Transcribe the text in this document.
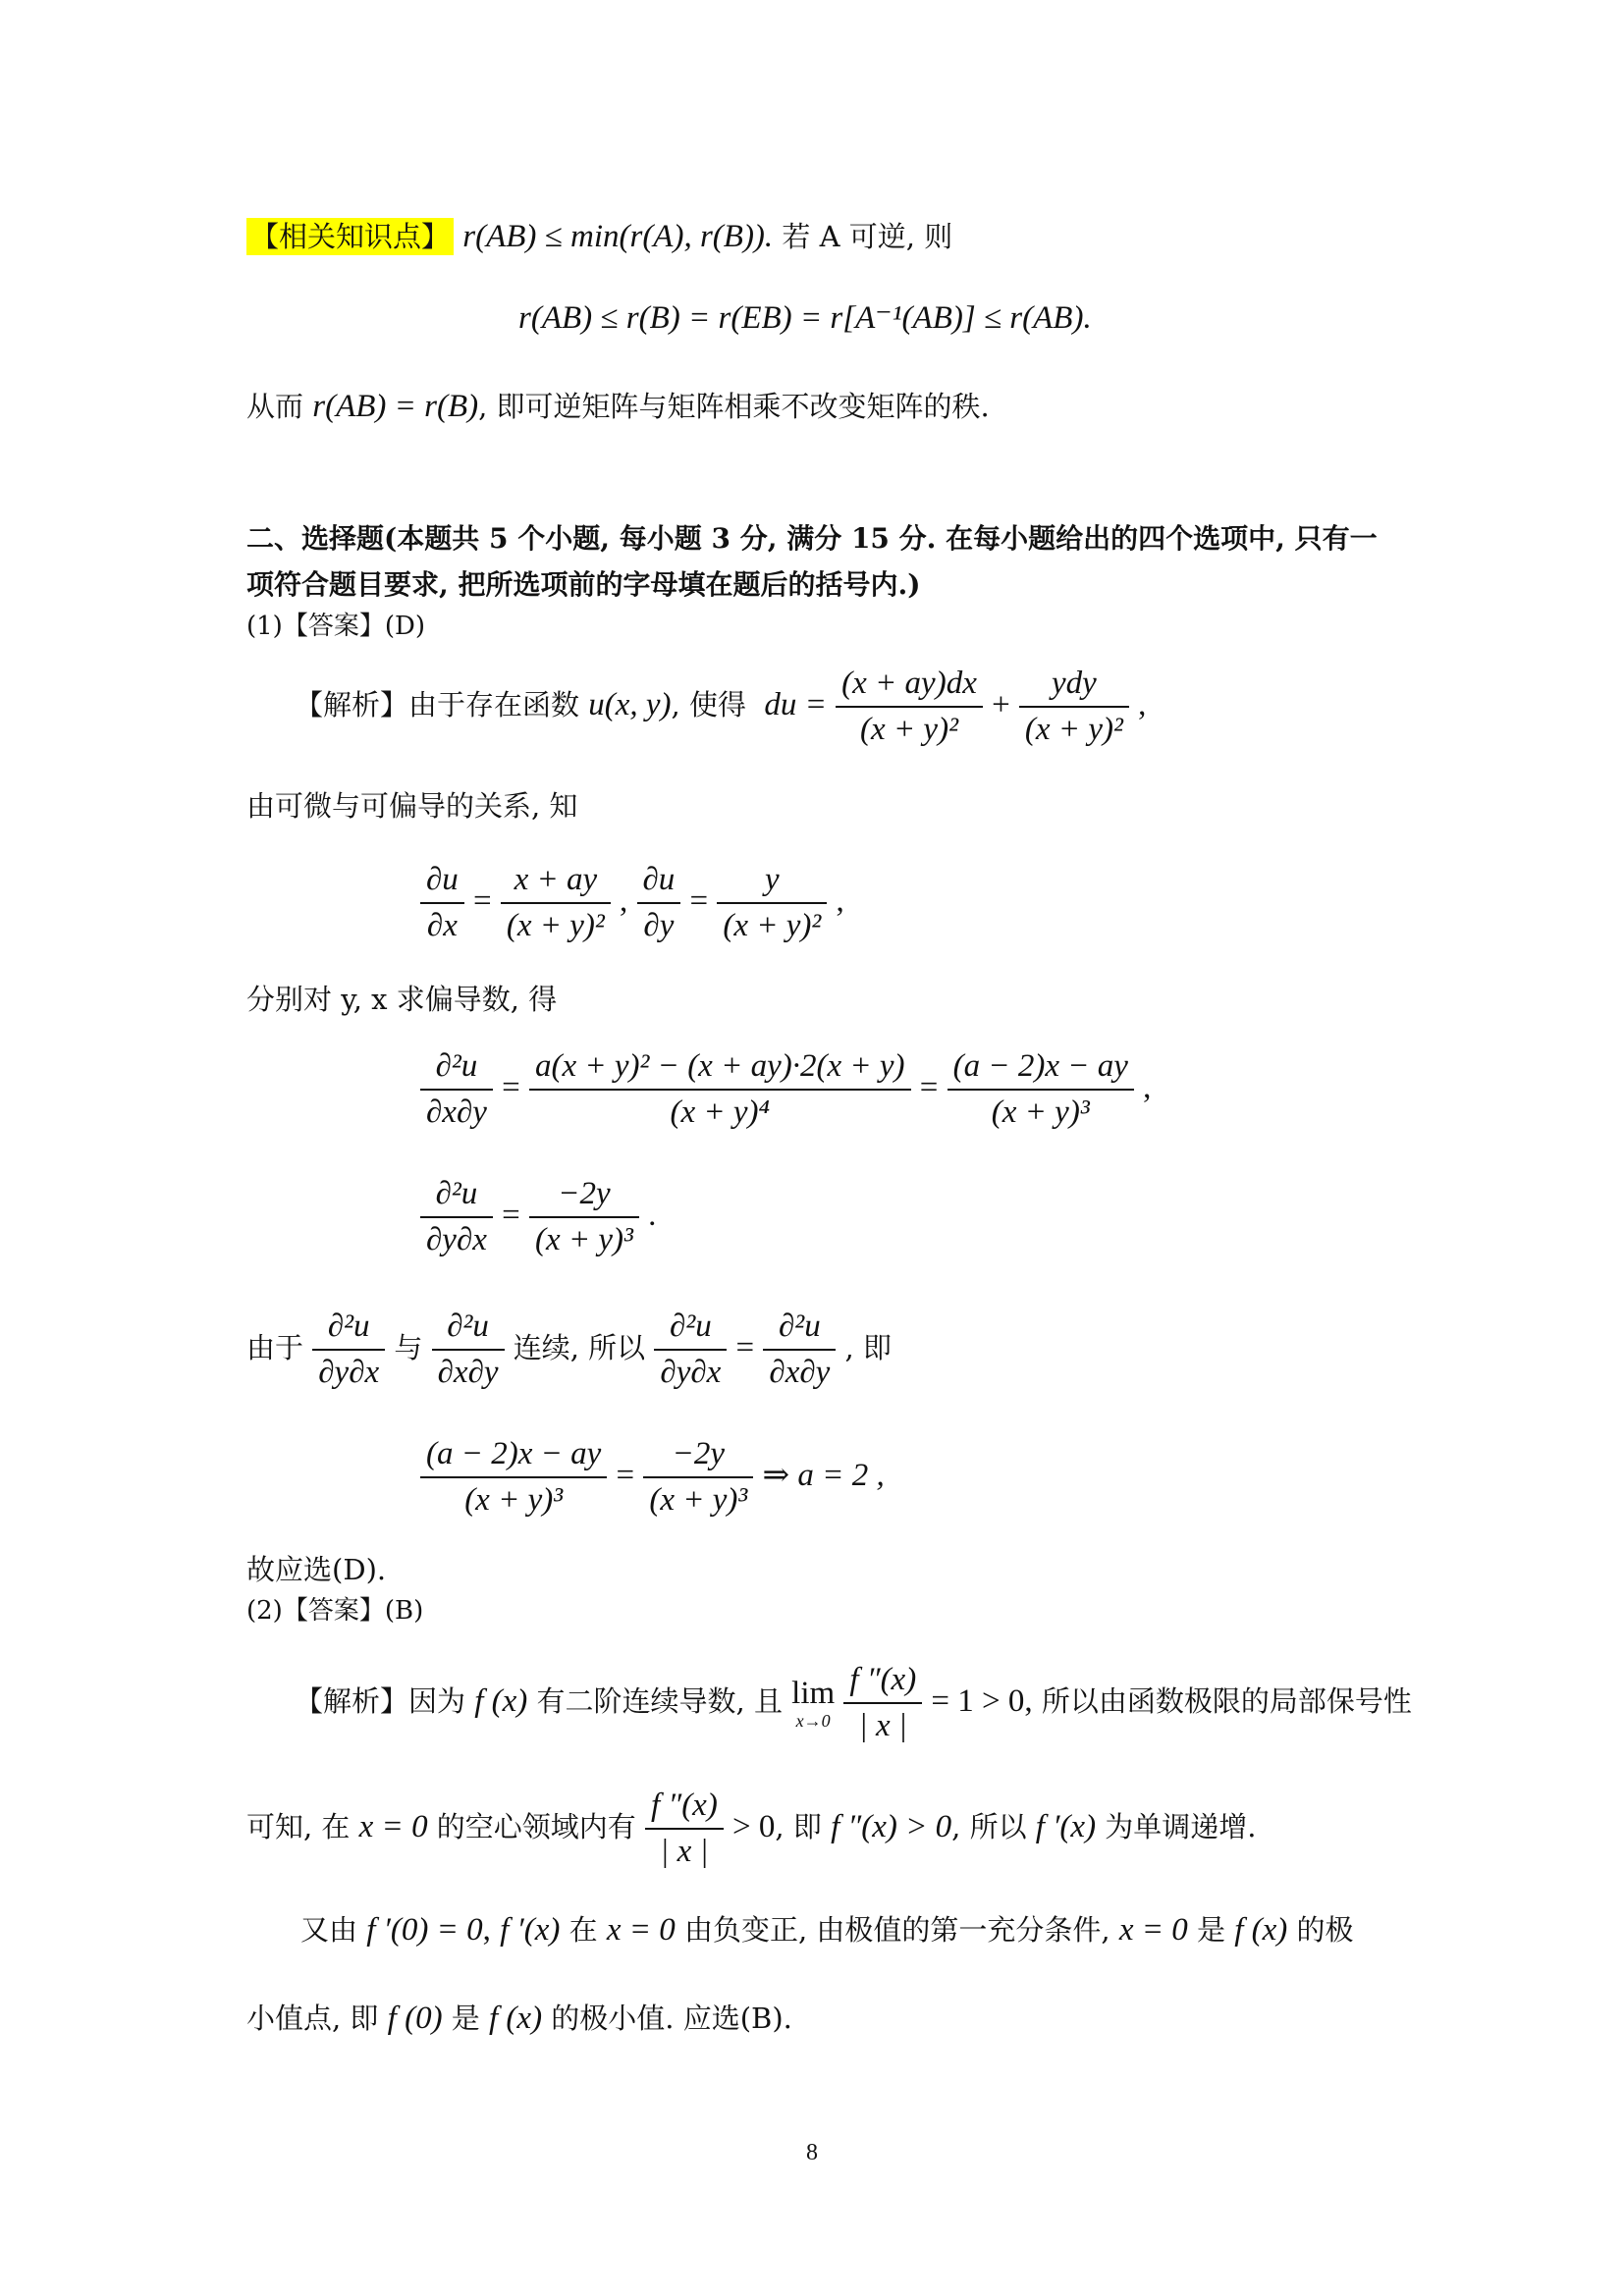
【相关知识点】 r(AB) ≤ min(r(A), r(B)). 若 A 可逆, 则
r(AB) ≤ r(B) = r(EB) = r[A⁻¹(AB)] ≤ r(AB).
从而 r(AB) = r(B), 即可逆矩阵与矩阵相乘不改变矩阵的秩.
二、选择题(本题共 5 个小题, 每小题 3 分, 满分 15 分. 在每小题给出的四个选项中, 只有一
项符合题目要求, 把所选项前的字母填在题后的括号内.)
(1)【答案】(D)
【解析】由于存在函数 u(x, y), 使得 du = $\frac{(x + ay)dx}{\text{(x + y)²}} + \frac{\text{ydy}}{\text{(x + y)²}}$ ,
由可微与可偏导的关系, 知
$\frac{\partial u}{\partial x} = \frac{x + ay}{\text{(x + y)²}}$ , $\frac{\partial u}{\partial y} = \frac{y}{\text{(x + y)²}}$ ,
分别对 y, x 求偏导数, 得
$\frac{\text{∂²u}}{\partial x\partial y} = \frac{\text{a(x + y)² − (x + ay)·2(x + y)}}{\text{(x + y)⁴}} = \frac{(a - 2)x - ay}{\text{(x + y)³}}$ ,
$\frac{\text{∂²u}}{\partial y\partial x} = \frac{-2y}{\text{(x + y)³}}$ .
由于 $\frac{\text{∂²u}}{\partial y\partial x}$ 与 $\frac{\text{∂²u}}{\partial x\partial y}$ 连续, 所以 $\frac{\text{∂²u}}{\partial y\partial x} = \frac{\text{∂²u}}{\partial x\partial y}$ , 即
$\frac{(a - 2)x - ay}{\text{(x + y)³}} = \frac{-2y}{\text{(x + y)³}}$ ⇒ a = 2 ,
故应选(D).
(2)【答案】(B)
【解析】因为 f (x) 有二阶连续导数, 且 lim
x→0
$\frac{f ''(x)}{| x |} = 1 > 0$, 所以由函数极限的局部保号性
可知, 在 x = 0 的空心领域内有 $\frac{f ''(x)}{| x |} > 0$, 即 f ″(x) > 0, 所以 f ′(x) 为单调递增.
又由 f ′(0) = 0, f ′(x) 在 x = 0 由负变正, 由极值的第一充分条件, x = 0 是 f (x) 的极
小值点, 即 f (0) 是 f (x) 的极小值. 应选(B).
8
